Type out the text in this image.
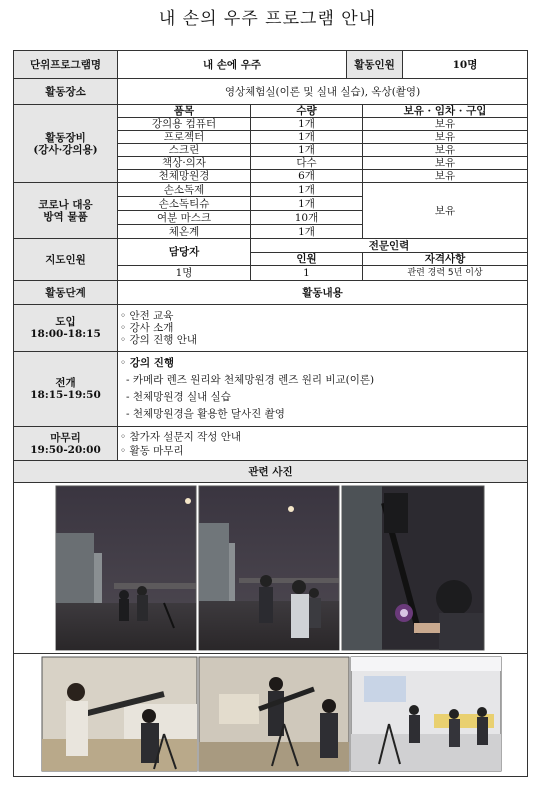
내 손의 우주 프로그램 안내
단위프로그램명	내 손에 우주		활동인원		10명
활동장소	영상체험실(이론 및 실내 실습), 옥상(촬영)				

활동장비
(강사·강의용)	품목	수량		보유 · 임차 · 구입	
	강의용 컴퓨터	1개		보유	
	프로젝터	1개		보유	
	스크린	1개		보유	
	책상·의자	다수		보유	
	천체망원경	6개		보유	

코로나 대응
방역 물품	손소독제	1개		보유	
	손소독티슈	1개			
	여분 마스크	10개			
	체온계	1개			
지도인원	담당자	전문인력			
		인원		자격사항	
	1명	1		관련 경력 5년 이상	
활동단계	활동내용				

도입
18:00-18:15	◦ 안전 교육
◦ 강사 소개
◦ 강의 진행 안내				

전개
18:15-19:50	◦ 강의 진행
- 카메라 렌즈 원리와 천체망원경 렌즈 원리 비교(이론)
- 천체망원경 실내 실습
- 천체망원경을 활용한 달사진 촬영				

마무리
19:50-20:00	◦ 참가자 설문지 작성 안내
◦ 활동 마무리				

관련 사진					
